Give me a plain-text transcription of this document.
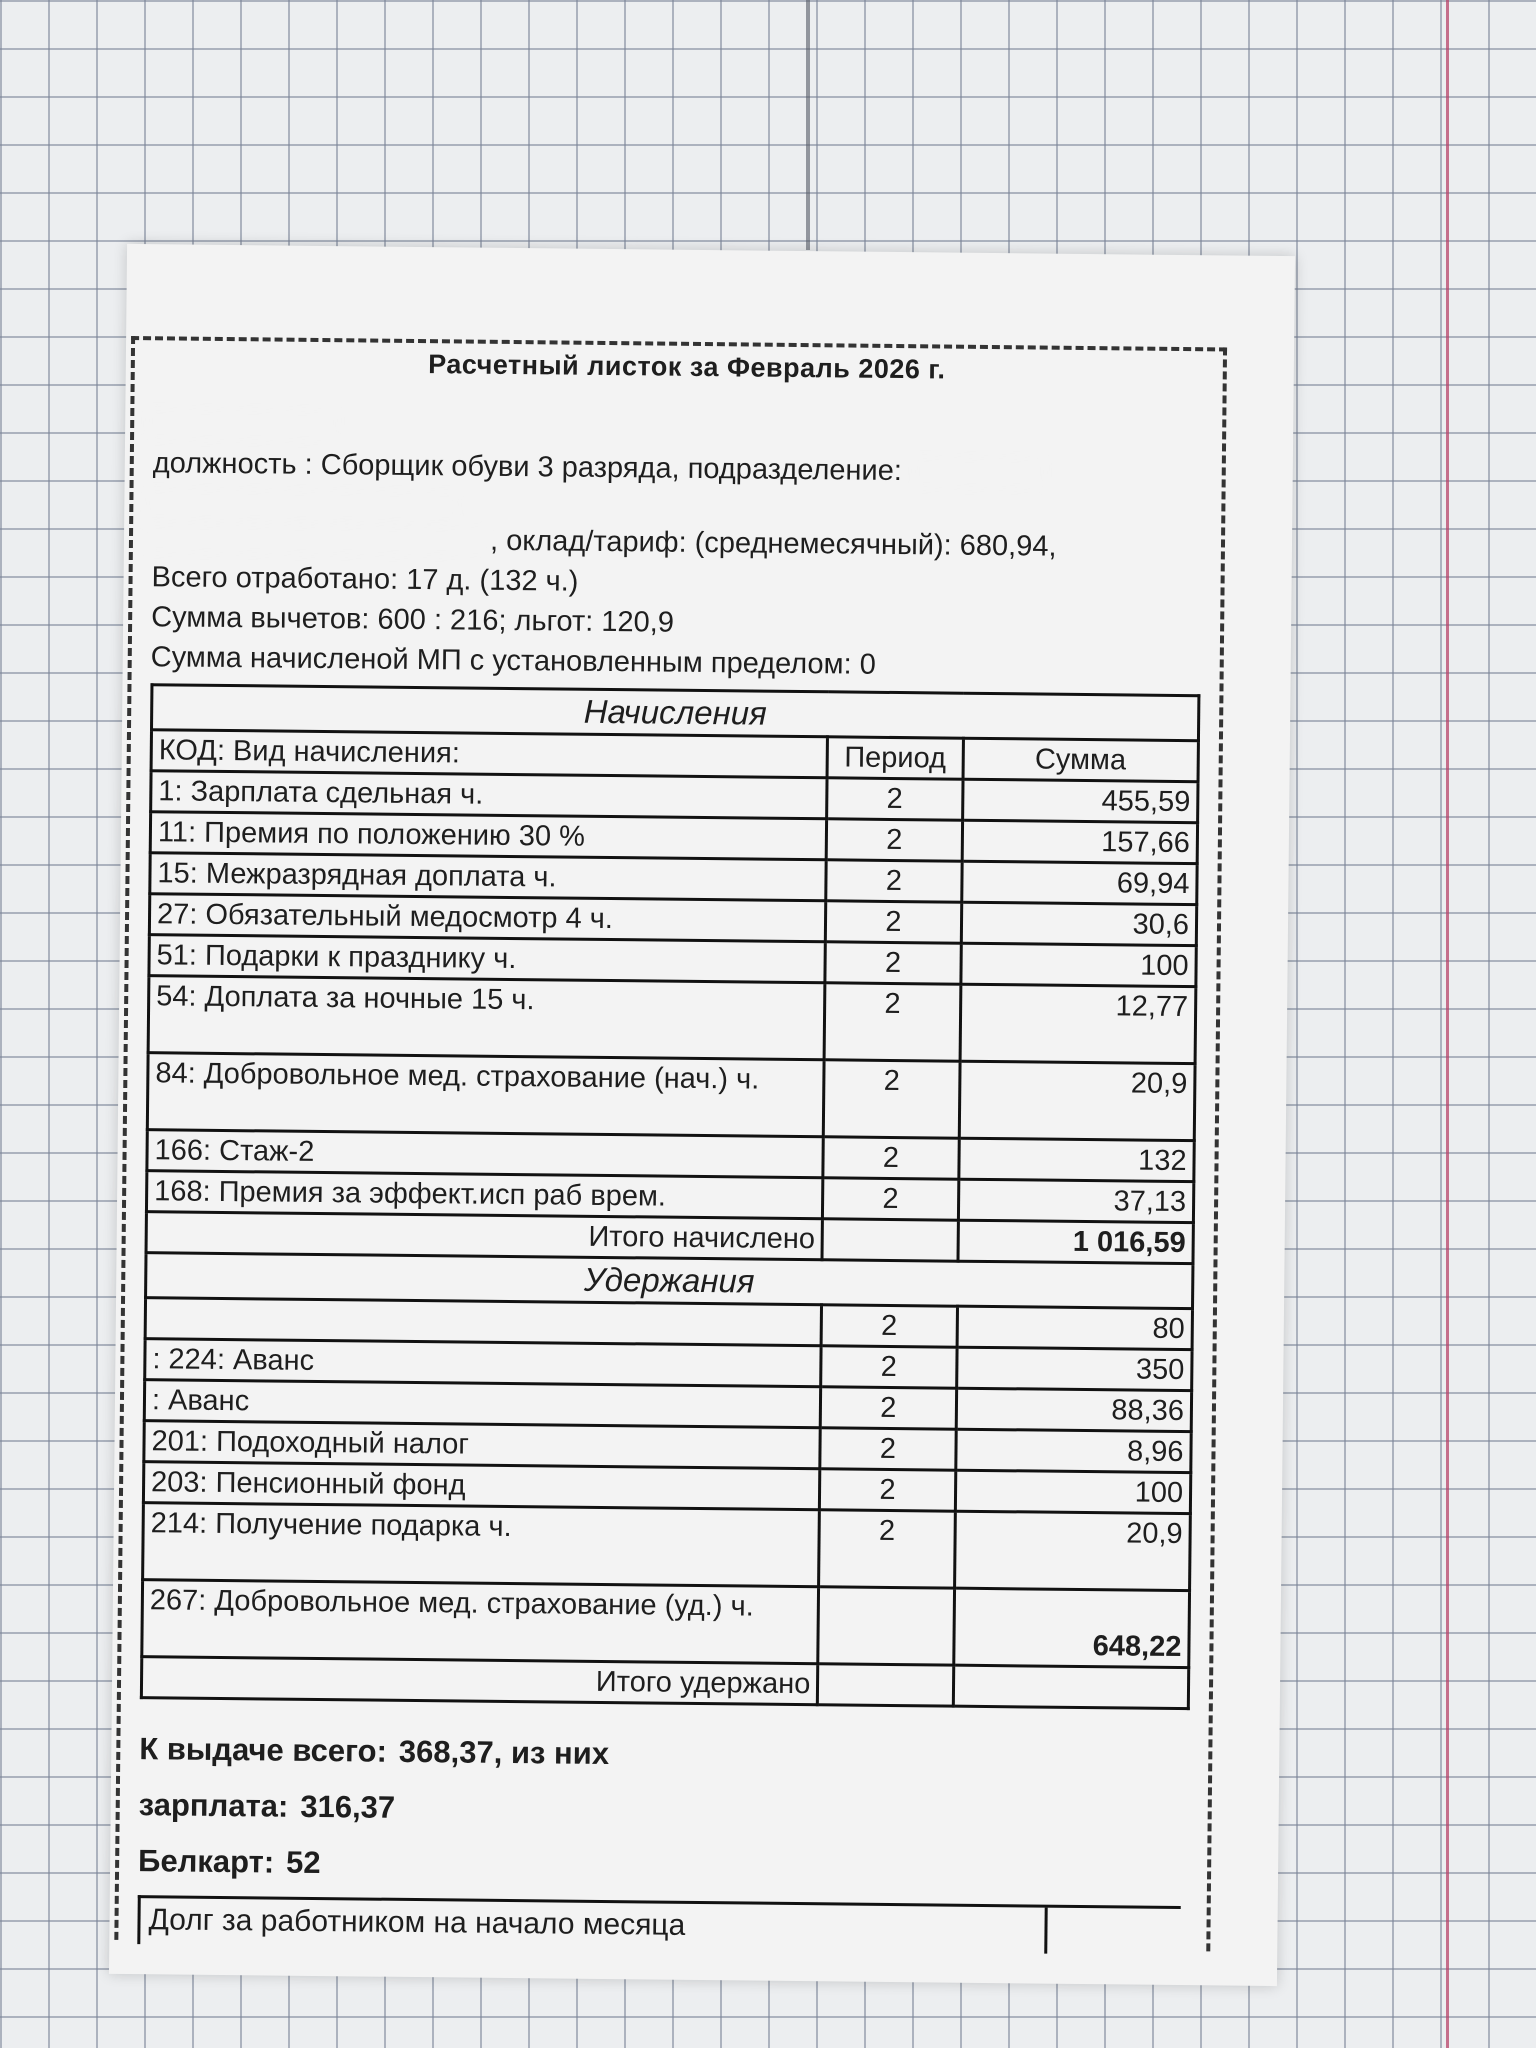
Расчетный листок за Февраль 2026 г.
должность : Сборщик обуви 3 разряда, подразделение:
, оклад/тариф: (среднемесячный): 680,94,
Всего отработано: 17 д. (132 ч.)
Сумма вычетов: 600 : 216; льгот: 120,9
Сумма начисленой МП с установленным пределом: 0
Начисления		
КОД: Вид начисления:	Период	Сумма
1: Зарплата сдельная ч.	2	455,59
11: Премия по положению 30 %	2	157,66
15: Межразрядная доплата ч.	2	69,94
27: Обязательный медосмотр 4 ч.	2	30,6
51: Подарки к празднику ч.	2	100
54: Доплата за ночные 15 ч.	2	12,77
84: Добровольное мед. страхование (нач.) ч.	2	20,9
166: Стаж-2	2	132
168: Премия за эффект.исп раб врем.	2	37,13
Итого начислено		1 016,59
Удержания		
	2	80
: 224: Аванс	2	350
: Аванс	2	88,36
201: Подоходный налог	2	8,96
203: Пенсионный фонд	2	100
214: Получение подарка ч.	2	20,9
267: Добровольное мед. страхование (уд.) ч.		648,22
Итого удержано		
К выдаче всего: 368,37, из них
зарплата: 316,37
Белкарт: 52
Долг за работником на начало месяца
